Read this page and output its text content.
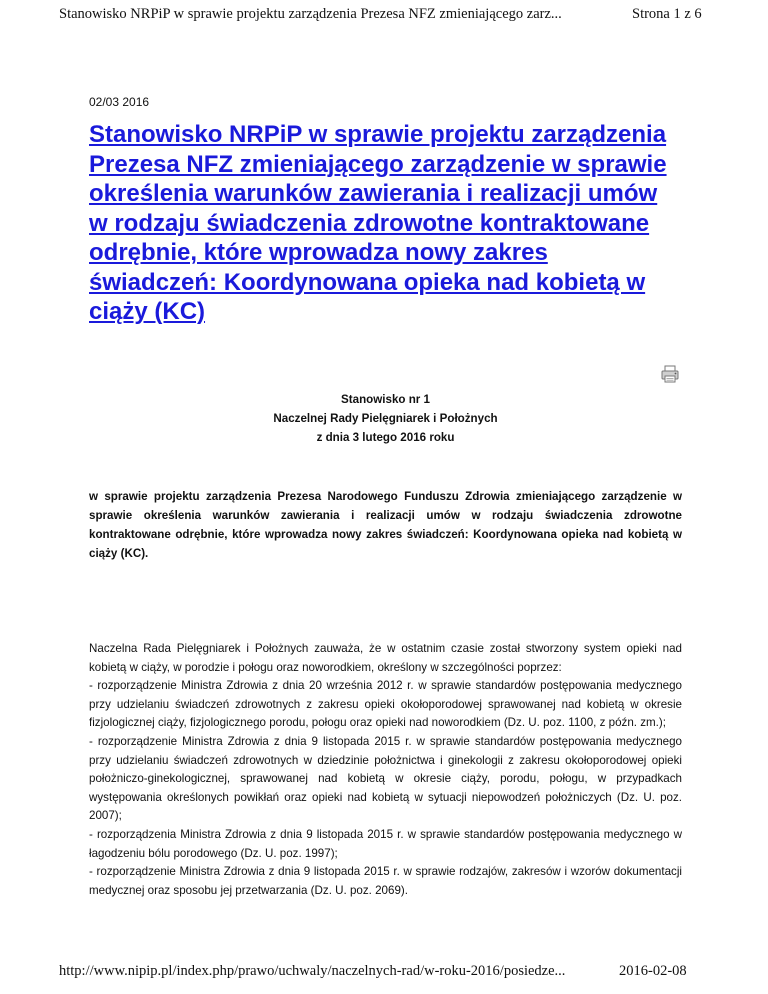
Stanowisko NRPiP w sprawie projektu zarządzenia Prezesa NFZ zmieniającego zarz...	Strona 1 z 6

02/03 2016

Stanowisko NRPiP w sprawie projektu zarządzenia Prezesa NFZ zmieniającego zarządzenie w sprawie określenia warunków zawierania i realizacji umów w rodzaju świadczenia zdrowotne kontraktowane odrębnie, które wprowadza nowy zakres świadczeń: Koordynowana opieka nad kobietą w ciąży (KC)
Stanowisko nr 1
Naczelnej Rady Pielęgniarek i Położnych
z dnia 3 lutego 2016 roku
w sprawie projektu zarządzenia Prezesa Narodowego Funduszu Zdrowia zmieniającego zarządzenie w sprawie określenia warunków zawierania i realizacji umów w rodzaju świadczenia zdrowotne kontraktowane odrębnie, które wprowadza nowy zakres świadczeń: Koordynowana opieka nad kobietą w ciąży (KC).

Naczelna Rada Pielęgniarek i Położnych zauważa, że w ostatnim czasie został stworzony system opieki nad kobietą w ciąży, w porodzie i połogu oraz noworodkiem, określony w szczególności poprzez:

- rozporządzenie Ministra Zdrowia z dnia 20 września 2012 r. w sprawie standardów postępowania medycznego przy udzielaniu świadczeń zdrowotnych z zakresu opieki okołoporodowej sprawowanej nad kobietą w okresie fizjologicznej ciąży, fizjologicznego porodu, połogu oraz opieki nad noworodkiem (Dz. U. poz. 1100, z późn. zm.);

- rozporządzenie Ministra Zdrowia z dnia 9 listopada 2015 r. w sprawie standardów postępowania medycznego przy udzielaniu świadczeń zdrowotnych w dziedzinie położnictwa i ginekologii z zakresu okołoporodowej opieki położniczo-ginekologicznej, sprawowanej nad kobietą w okresie ciąży, porodu, połogu, w przypadkach występowania określonych powikłań oraz opieki nad kobietą w sytuacji niepowodzeń położniczych (Dz. U. poz. 2007);

- rozporządzenia Ministra Zdrowia z dnia 9 listopada 2015 r. w sprawie standardów postępowania medycznego w łagodzeniu bólu porodowego (Dz. U. poz. 1997);

- rozporządzenie Ministra Zdrowia z dnia 9 listopada 2015 r. w sprawie rodzajów, zakresów i wzorów dokumentacji medycznej oraz sposobu jej przetwarzania (Dz. U. poz. 2069).

http://www.nipip.pl/index.php/prawo/uchwaly/naczelnych-rad/w-roku-2016/posiedze...	2016-02-08
